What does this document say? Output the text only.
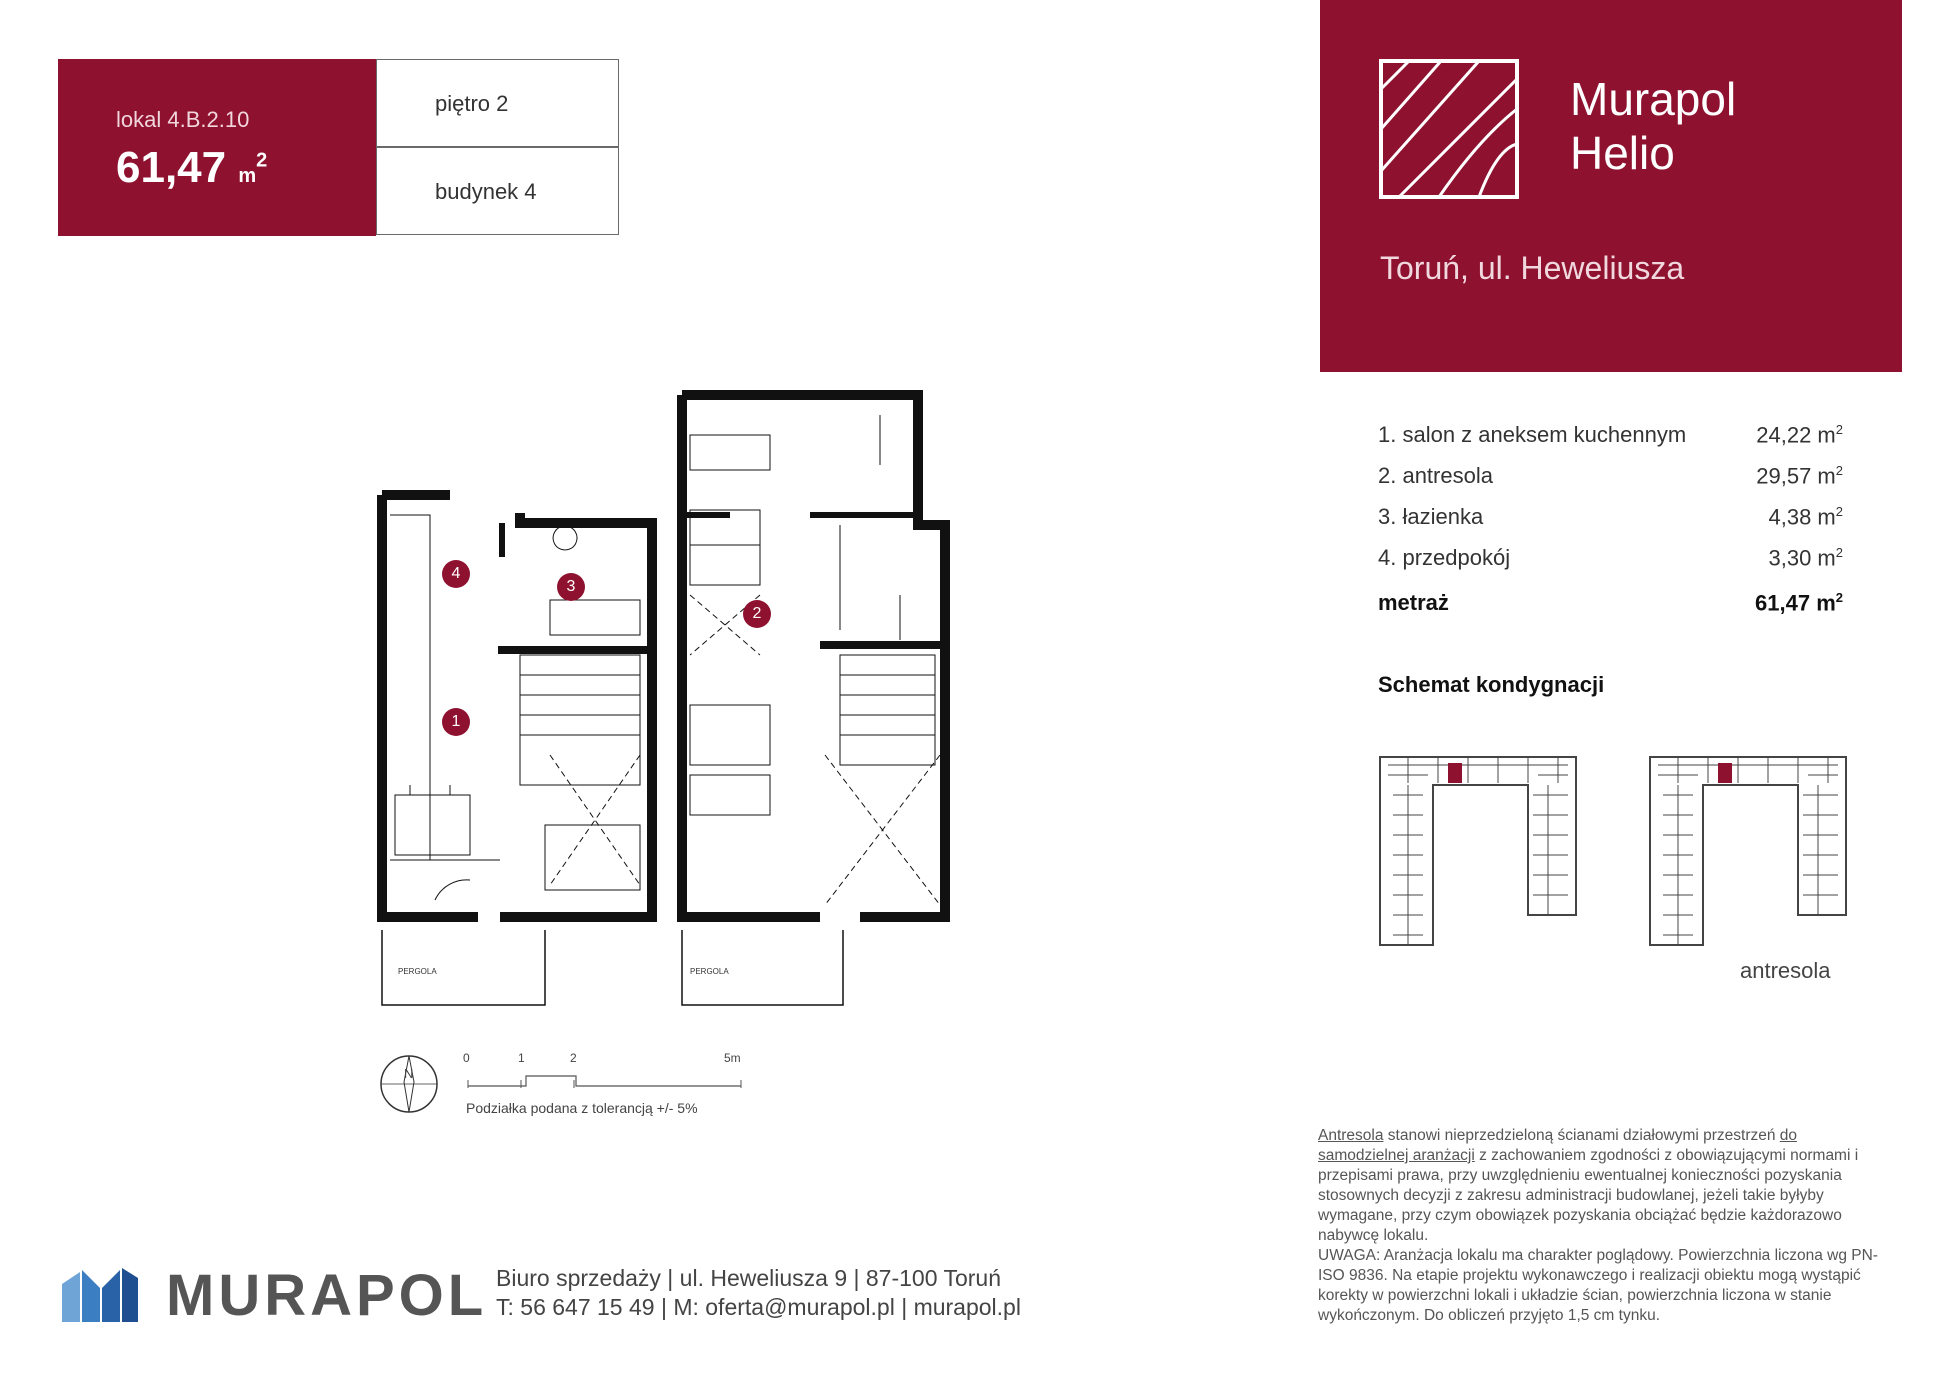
lokal 4.B.2.10
61,47 $m^2$
piętro 2
budynek 4
Murapol
Helio
Toruń, ul. Heweliusza
1. salon z aneksem kuchennym	24,22 $m^2$
2. antresola	29,57 $m^2$
3. łazienka	4,38 $m^2$
4. przedpokój	3,30 $m^2$
metraż	61,47 $m^2$
Schemat kondygnacji
antresola
1
4
3
PERGOLA
2
PERGOLA
N
0	1	2	5m
Podziałka podana z tolerancją +/- 5%
Antresola stanowi nieprzedzieloną ścianami działowymi przestrzeń do samodzielnej aranżacji z zachowaniem zgodności z obowiązującymi normami i przepisami prawa, przy uwzględnieniu ewentualnej konieczności pozyskania stosownych decyzji z zakresu administracji budowlanej, jeżeli takie byłyby wymagane, przy czym obowiązek pozyskania obciążać będzie każdorazowo nabywcę lokalu.
UWAGA: Aranżacja lokalu ma charakter poglądowy. Powierzchnia liczona wg PN-ISO 9836. Na etapie projektu wykonawczego i realizacji obiektu mogą wystąpić korekty w powierzchni lokali i układzie ścian, powierzchnia liczona w stanie wykończonym. Do obliczeń przyjęto 1,5 cm tynku.
MURAPOL Biuro sprzedaży | ul. Heweliusza 9 | 87-100 Toruń
T: 56 647 15 49 | M: oferta@murapol.pl | murapol.pl
